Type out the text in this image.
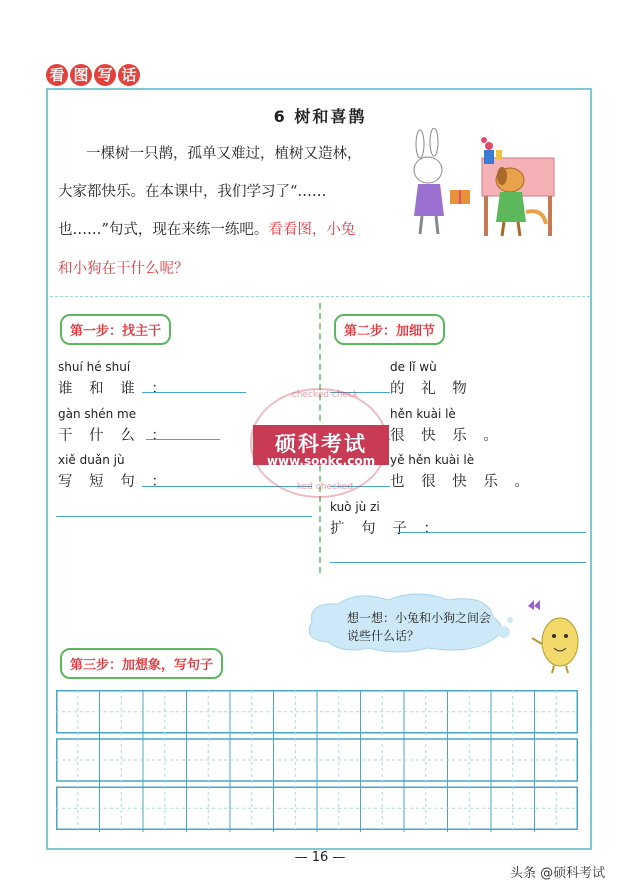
看 图 写 话
6 树和喜鹊
一棵树一只鹊，孤单又难过，植树又造林，
大家都快乐。在本课中，我们学习了“……
也……”句式，现在来练一练吧。看看图，小兔
和小狗在干什么呢？
第一步：找主干
shuí hé shuí
谁 和 谁 ：
gàn shén me
干 什 么 ：
xiě duǎn jù
写 短 句 ：
第二步：加细节
de lǐ wù
的 礼 物
hěn kuài lè
很 快 乐 。
yě hěn kuài lè
也 很 快 乐 。
kuò jù zi
扩 句 子 ：
checked check
硕科考试
www.sookc.com
ked checked
想一想：小兔和小狗之间会说些什么话？
第三步：加想象，写句子
— 16 —
头条 @硕科考试
